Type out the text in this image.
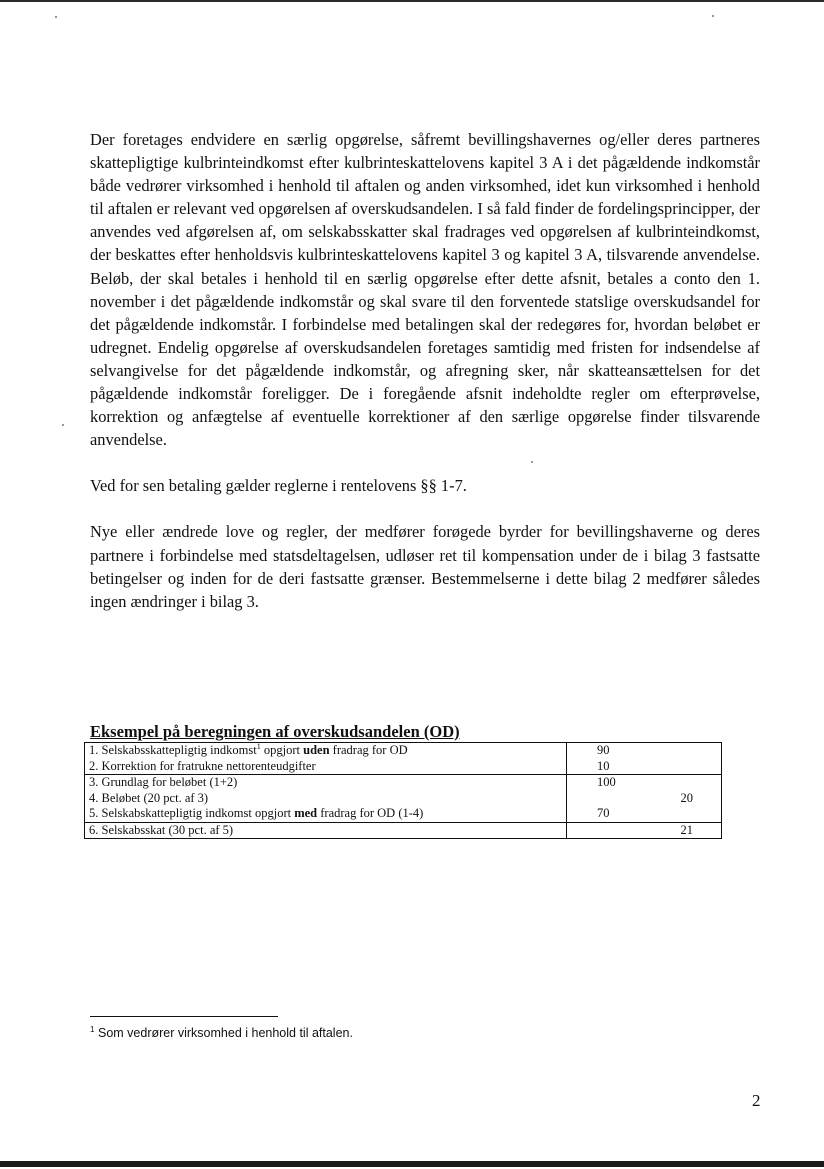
Der foretages endvidere en særlig opgørelse, såfremt bevillingshavernes og/eller deres partneres skattepligtige kulbrinteindkomst efter kulbrinteskattelovens kapitel 3 A i det pågældende indkomstår både vedrører virksomhed i henhold til aftalen og anden virksomhed, idet kun virksomhed i henhold til aftalen er relevant ved opgørelsen af overskudsandelen. I så fald finder de fordelingsprincipper, der anvendes ved afgørelsen af, om selskabsskatter skal fradrages ved opgørelsen af kulbrinteindkomst, der beskattes efter henholdsvis kulbrinteskattelovens kapitel 3 og kapitel 3 A, tilsvarende anvendelse. Beløb, der skal betales i henhold til en særlig opgørelse efter dette afsnit, betales a conto den 1. november i det pågældende indkomstår og skal svare til den forventede statslige overskudsandel for det pågældende indkomstår. I forbindelse med betalingen skal der redegøres for, hvordan beløbet er udregnet. Endelig opgørelse af overskudsandelen foretages samtidig med fristen for indsendelse af selvangivelse for det pågældende indkomstår, og afregning sker, når skatteansættelsen for det pågældende indkomstår foreligger. De i foregående afsnit indeholdte regler om efterprøvelse, korrektion og anfægtelse af eventuelle korrektioner af den særlige opgørelse finder tilsvarende anvendelse.

Ved for sen betaling gælder reglerne i rentelovens §§ 1-7.

Nye eller ændrede love og regler, der medfører forøgede byrder for bevillingshaverne og deres partnere i forbindelse med statsdeltagelsen, udløser ret til kompensation under de i bilag 3 fastsatte betingelser og inden for de deri fastsatte grænser. Bestemmelserne i dette bilag 2 medfører således ingen ændringer i bilag 3.

Eksempel på beregningen af overskudsandelen (OD)
1. Selskabsskattepligtig indkomst$^1$ opgjort uden fradrag for OD	90	
2. Korrektion for fratrukne nettorenteudgifter	10	
3. Grundlag for beløbet (1+2)	100	
4. Beløbet (20 pct. af 3)		20
5. Selskabskattepligtig indkomst opgjort med fradrag for OD (1-4)	70	
6. Selskabsskat (30 pct. af 5)		21
$^1$ Som vedrører virksomhed i henhold til aftalen.
2
